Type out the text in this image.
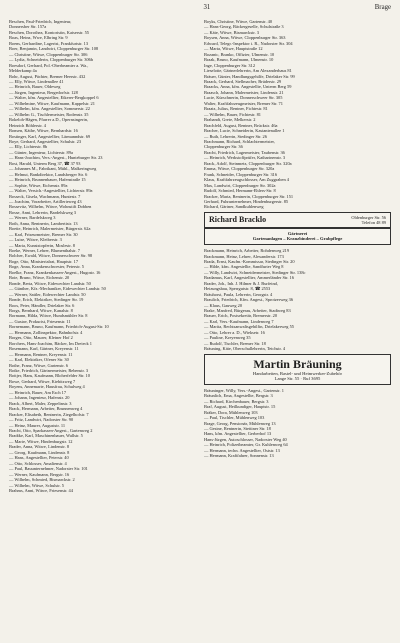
31	Brage
Beschen, Paul-Friedrich, Ingenieur,
Donnersber Str. 157a
Beschen, Dorothea, Kontoristin, Kaiserstr. 55
Boas, Heinz, Wwe, Elbring Str. 9
Boens, Gerhardine, Lagerist, Frankfurtstr. 13
Boer, Benjamin, Landwirt, Cloppenburger Str. 108
— Christine, Witwe, Cloppenburger Str. 306
— Lydia, Schneiderin, Cloppenburger Str. 306b
Boesdorf, Gerhard, Pol.-Oberbeamter a. Wa.,
Melderkamp 4a
Bohr, August, Pächter, Bremer Heerstr. 432
— Elly, Witwe, Lindenallee 41
— Heinrich, Bauer, Oldeweg
— Jürgen, Ingenieur, Bergedorfstr. 128
— Walter, kfm. Angestellter, Eikerer-Bergkoppel 6
— Wilhelmine, Witwe, Kaufmann, Kappelstr. 21
— Wilhelm, kfm. Angestellter, Sommerstr. 22
— Wilhelm G., Tischlermeister, Rodenstr. 35
Bokeloh-Hägen, Pfarrer a.D., Opernsingerin,
Heinrich Böhlerstr. 4
Bonsen, Käthe, Witwe, Bernhardstr. 16
Bostinger, Karl, Angestellter, Lärmanndstr. 69
Boye, Gerhard, Angestellter, Schulstr. 23
— Elly, Lichterstr. 8b
— Günter, Ingenieur, Lichterstr. 89a
— Hans-Joachim, Vers.-Angest., Hunteburger Str. 23
Bost, Harald, Unterm Berg 37, ☎ 37 93
— Johannes M., Fabrikant, Mühl., Malkeringweg
— Helmut, Bankdirektor, Landsberger Str. 6
— Heinrich, Brunnenbauer, Hafenstraße 15
— Sophie, Witwe, Eichenstr. 89a
— Walter, Versich.-Angestellter, Lichterstr. 89a
Bosseck, Gisela, Wachmann, Huntestr. 7
— Joachim, Vorarbeiter, Artillerieweg 43
Bossevitz, Wilhelm, Witwe, Wohnstift Dobben
Bosse, Anni, Lehrerin, Bardelskweg 3
— Werner, Bardelskweg 3
Both, Anna, Rentnerin, Lambertistr. 13
Boetie, Heinrich, Malermeister, Bürgerstr. 62a
— Karl, Friseurmeister, Bremer Str. 30
— Luise, Witwe, Kleiberstr. 3
— Maria, Kunststopferin, Moslestr. 8
Boeke, Werner, Lehrer, Blumenthalstr. 7
Bolcher, Ewald, Witwe, Donnerschweer Str. 98
Boge, Otto, Ministerialrat, Hauptstr. 17
Boge, Anna, Krankenschwester, Peterstr. 5
Boelke, Franz, Krankenkassen-Angest., Hugostr. 16
Boie, Bruno, Witwe, Eichenstr. 20
Bonde, Berta, Witwe, Eidewechter Landstr. 50
— Günther, Kfz.-Mechaniker, Eidewechter Landstr. 50
— Werner, Sattler, Eidewechter Landstr. 50
Bonde, Erich, Elektriker, Stedinger Str. 19
Boos, Peter, Händler, Drielaker Str. 6
Borgs, Bernhard, Witwe, Kanalstr. 8
Bormann, Hilda, Witwe, Hundsmühler Str. 8
— Gustav, Prokurist, Friesenstr. 11
Bornemann, Bruno, Kaufmann, Friedrich-August-Str. 10
— Hermann, Zollinspektor, Bahnhofstr. 4
Borges, Otto, Maurer, Kleiner Hof 2
Borchers, Hans-Joachim, Bäcker, Im Dreieck 1
Bosemann, Karl, Gärtner, Kreyenstr. 11
— Hermann, Rentner, Kreyenstr. 11
— Karl, Elektriker, Ofener Str. 30
Bothe, Franz, Witwe, Gartenstr. 6
Botke, Friedrich, Gärtnermeister, Rebenstr. 3
Bottjer, Hans, Kaufmann, Bloherfelder Str. 10
Bowe, Gerhard, Witwe, Kiebitzweg 7
Boyens, Annemarie, Hausfrau, Schulweg 4
— Heinrich, Bauer, Am Esch 17
— Johann, Ingenieur, Hafenstr. 20
Brack, Albert, Maler, Zeppelinstr. 3
Brack, Hermann, Arbeiter, Brunnenweg 4
Bracker, Elisabeth, Rentnerin, Ziegelhofstr. 7
— Fritz, Landwirt, Nadorster Str. 90
— Heinz, Maurer, Auguststr. 11
Bracht, Otto, Sparkassen-Angest., Gartenweg 2
Bradtke, Karl, Maschinenbauer, Wallstr. 5
— Marie, Witwe, Hindenburgstr. 12
Brader, Anna, Witwe, Lindenstr. 8
— Georg, Kaufmann, Lindenstr. 8
— Hans, Angestellter, Peterstr. 40
— Otto, Schlosser, Amalienstr. 4
— Paul, Bauunternehmer, Nadorster Str. 101
— Werner, Kaufmann, Bergstr. 16
— Wilhelm, Schmied, Bismarckstr. 2
— Wilhelm, Witwe, Schulstr. 5
Brahms, Anni, Witwe, Friesenstr. 44
Boyks, Christine, Witwe, Gartenstr. 40
— Hans-Georg, Bäckergeselle, Schulstraße 3
— Käte, Witwe, Bismarckstr. 3
Boysen, Anna, Witwe, Cloppenburger Str. 363
Edward, Telegr.-Inspektor i. R., Nadorster Str. 304
— Marta, Witwe, Hauptstraße 12
Bozanic, Branko, Offizier, Ulmenstr. 10
Braak, Bruno, Kaufmann, Ulmenstr. 10
Inge, Cloppenburger Str. 312
Lieselotte, Gärtnerlehrerin, Am Alexanderhaus 81
Bräuer, Günter, Handlungsgehilfe, Drielaker Str. 99
Braack, Gerhard, Stellmacher, Brüderstr. 29
Braacks, Anna, kfm. Angestellte, Unterm Berg 59
Braasch, Johann, Malermeister, Lindenstr. 21
Lucie, Kürschnerin, Donnerschweer Str. 305
Walter, Kraftfahrzeugmeister, Bremer Str. 71
Braatz, Julius, Rentner, Fichtestr. 81
— Wilhelm, Bauer, Fichtestr. 81
Brabandt, Grete, Melkerstr. 2
Brachfeld, August, Rentner, Brückstr. 46a
Bracher, Lucie, Schneiderin, Kastanienallee 1
— Ruth, Lehrerin, Stedinger Str. 26
Brachmann, Richard, Schlachtermeister,
Cloppenburger Str. 36
Bracht, Friedrich, Lagermeister, Taubenstr. 36
— Heinrich, Werkstoffprüfer, Katharinenstr. 3
Brack, Adolf, Steinmetz, Cloppenburger Str. 320a
Emma, Witwe, Cloppenburger Str. 320a
Frank, Schneider, Cloppenburger Str. 316
Klaus, Kraftfahrzeugschlosser, Am Zuggraben 4
Max, Landwirt, Cloppenburger Str. 302a
Rudolf, Schmied, Hermann-Ehlers-Str. 8
Bracker, Maria, Rentnerin, Cloppenburger Str. 151
Gerhard, Fuhrunternehmer, Hindenburgerstr. 85
Richard, Gärtner, Sandkuhlenweg
Richard Bracklo	Oldenburger Str. 56
Telefon 48 89
Gärtnerei
Gartenanlagen – Kranzbinderei – Grabpflege
Brackmann, Heinrich, Arbeiter, Rohdenweg 219
Brackmann, Heinz, Lehrer, Alexanderstr. 173
Brada, Ernst, Kaufm.-Kommissar, Stedinger Str. 20
— Hilde, kfm. Angestellte, Sandfurter Weg 8
— Willy, Landwirt, Schneidermeister, Stedinger Str. 138c
Bradamus, Karl, Angestellter, Ammerländer Str. 16
Brader, Joh., Inh. J. Hilmer & J. Burfeind,
Heizungsbau, Sperrgutstr. 8, ☎ 2553
Bräuhorst, Paula, Lehrerin, Georgstr. 4
Braulich, Friedrich, Kfm. Angest., Sprotzerweg 36
— Klaus, Gauweg 20
Brake, Manfred, Bürgerau, Arbeiter, Stadtweg 83
Brauer, Erich, Postsekretär, Bremerstr. 20
— Karl, Vers.-Kaufmann, Lindenweg 7
— Marita, Rechtsanwaltsgehilfin, Drielakerweg 55
— Otto, Lehrer a. D., Wieksetr. 16
— Pauline, Kreyenweg 35
— Rudolf, Tischler, Bremer Str. 18
Bräuning, Käte, Oberschullehrerin, Teichstr. 4
Martin Bräuning
Handarbeiten, Bastel- und Heimwerker-Zubehör
Lange Str. 55 · Ruf 3695
Bräuninger, Willy, Vers.-Angest., Gartenstr. 1
Bräunlich, Ema, Angestellte, Bergstr. 3
— Richard, Kirchenbauer, Bergstr. 3
Braf, August, Heilkundiger, Hauptstr. 15
Bräker, Dora, Mühlenweg 103
— Paul, Tischler, Mühlenweg 103
Brage, Georg, Pensionär, Mühlenweg 13
— Gesine, Rentnerin, Stettiner Str. 18
Hans, kfm. Angestellter, Gerberhof 13
Hans-Jürgen, Autoschlosser, Nadorster Weg 40
— Heinrich, Polizeibeamter, Gr. Kuhlenweg 64
— Hermann, techn. Angestellter, Oststr. 13
— Hermann, Kraftfahrer, Sonnenstr. 13
